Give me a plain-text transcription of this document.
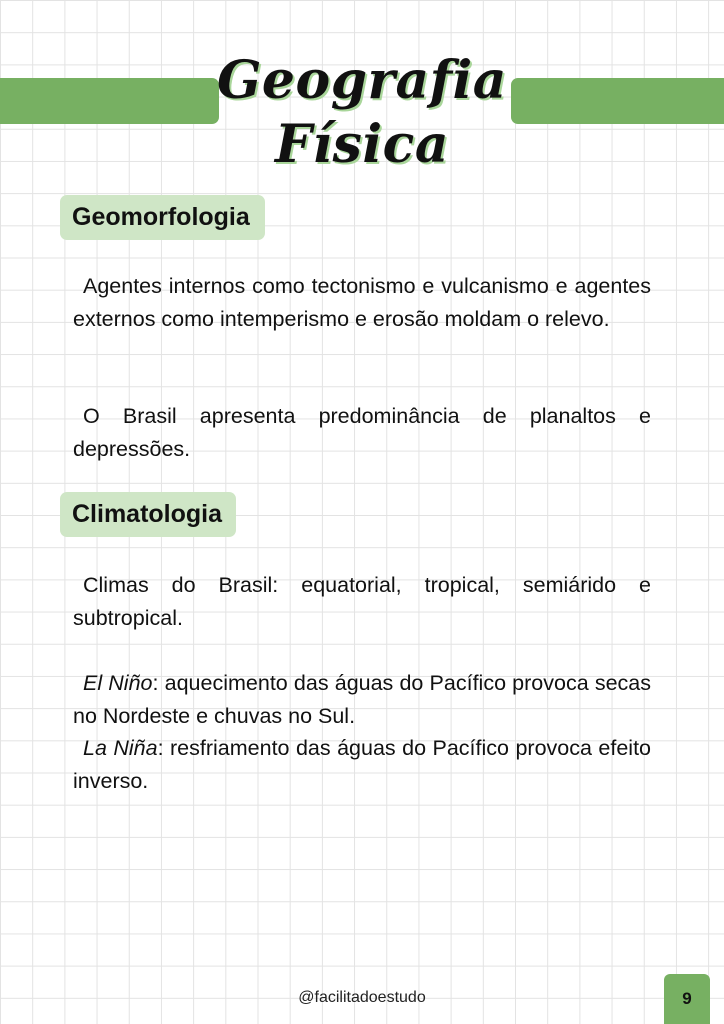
Geografia
Física
Geomorfologia

Agentes internos como tectonismo e vulcanismo e agentes externos como intemperismo e erosão moldam o relevo.

O Brasil apresenta predominância de planaltos e depressões.

Climatologia

Climas do Brasil: equatorial, tropical, semiárido e subtropical.

El Niño: aquecimento das águas do Pacífico provoca secas no Nordeste e chuvas no Sul.

La Niña: resfriamento das águas do Pacífico provoca efeito inverso.

@facilitadoestudo	9
